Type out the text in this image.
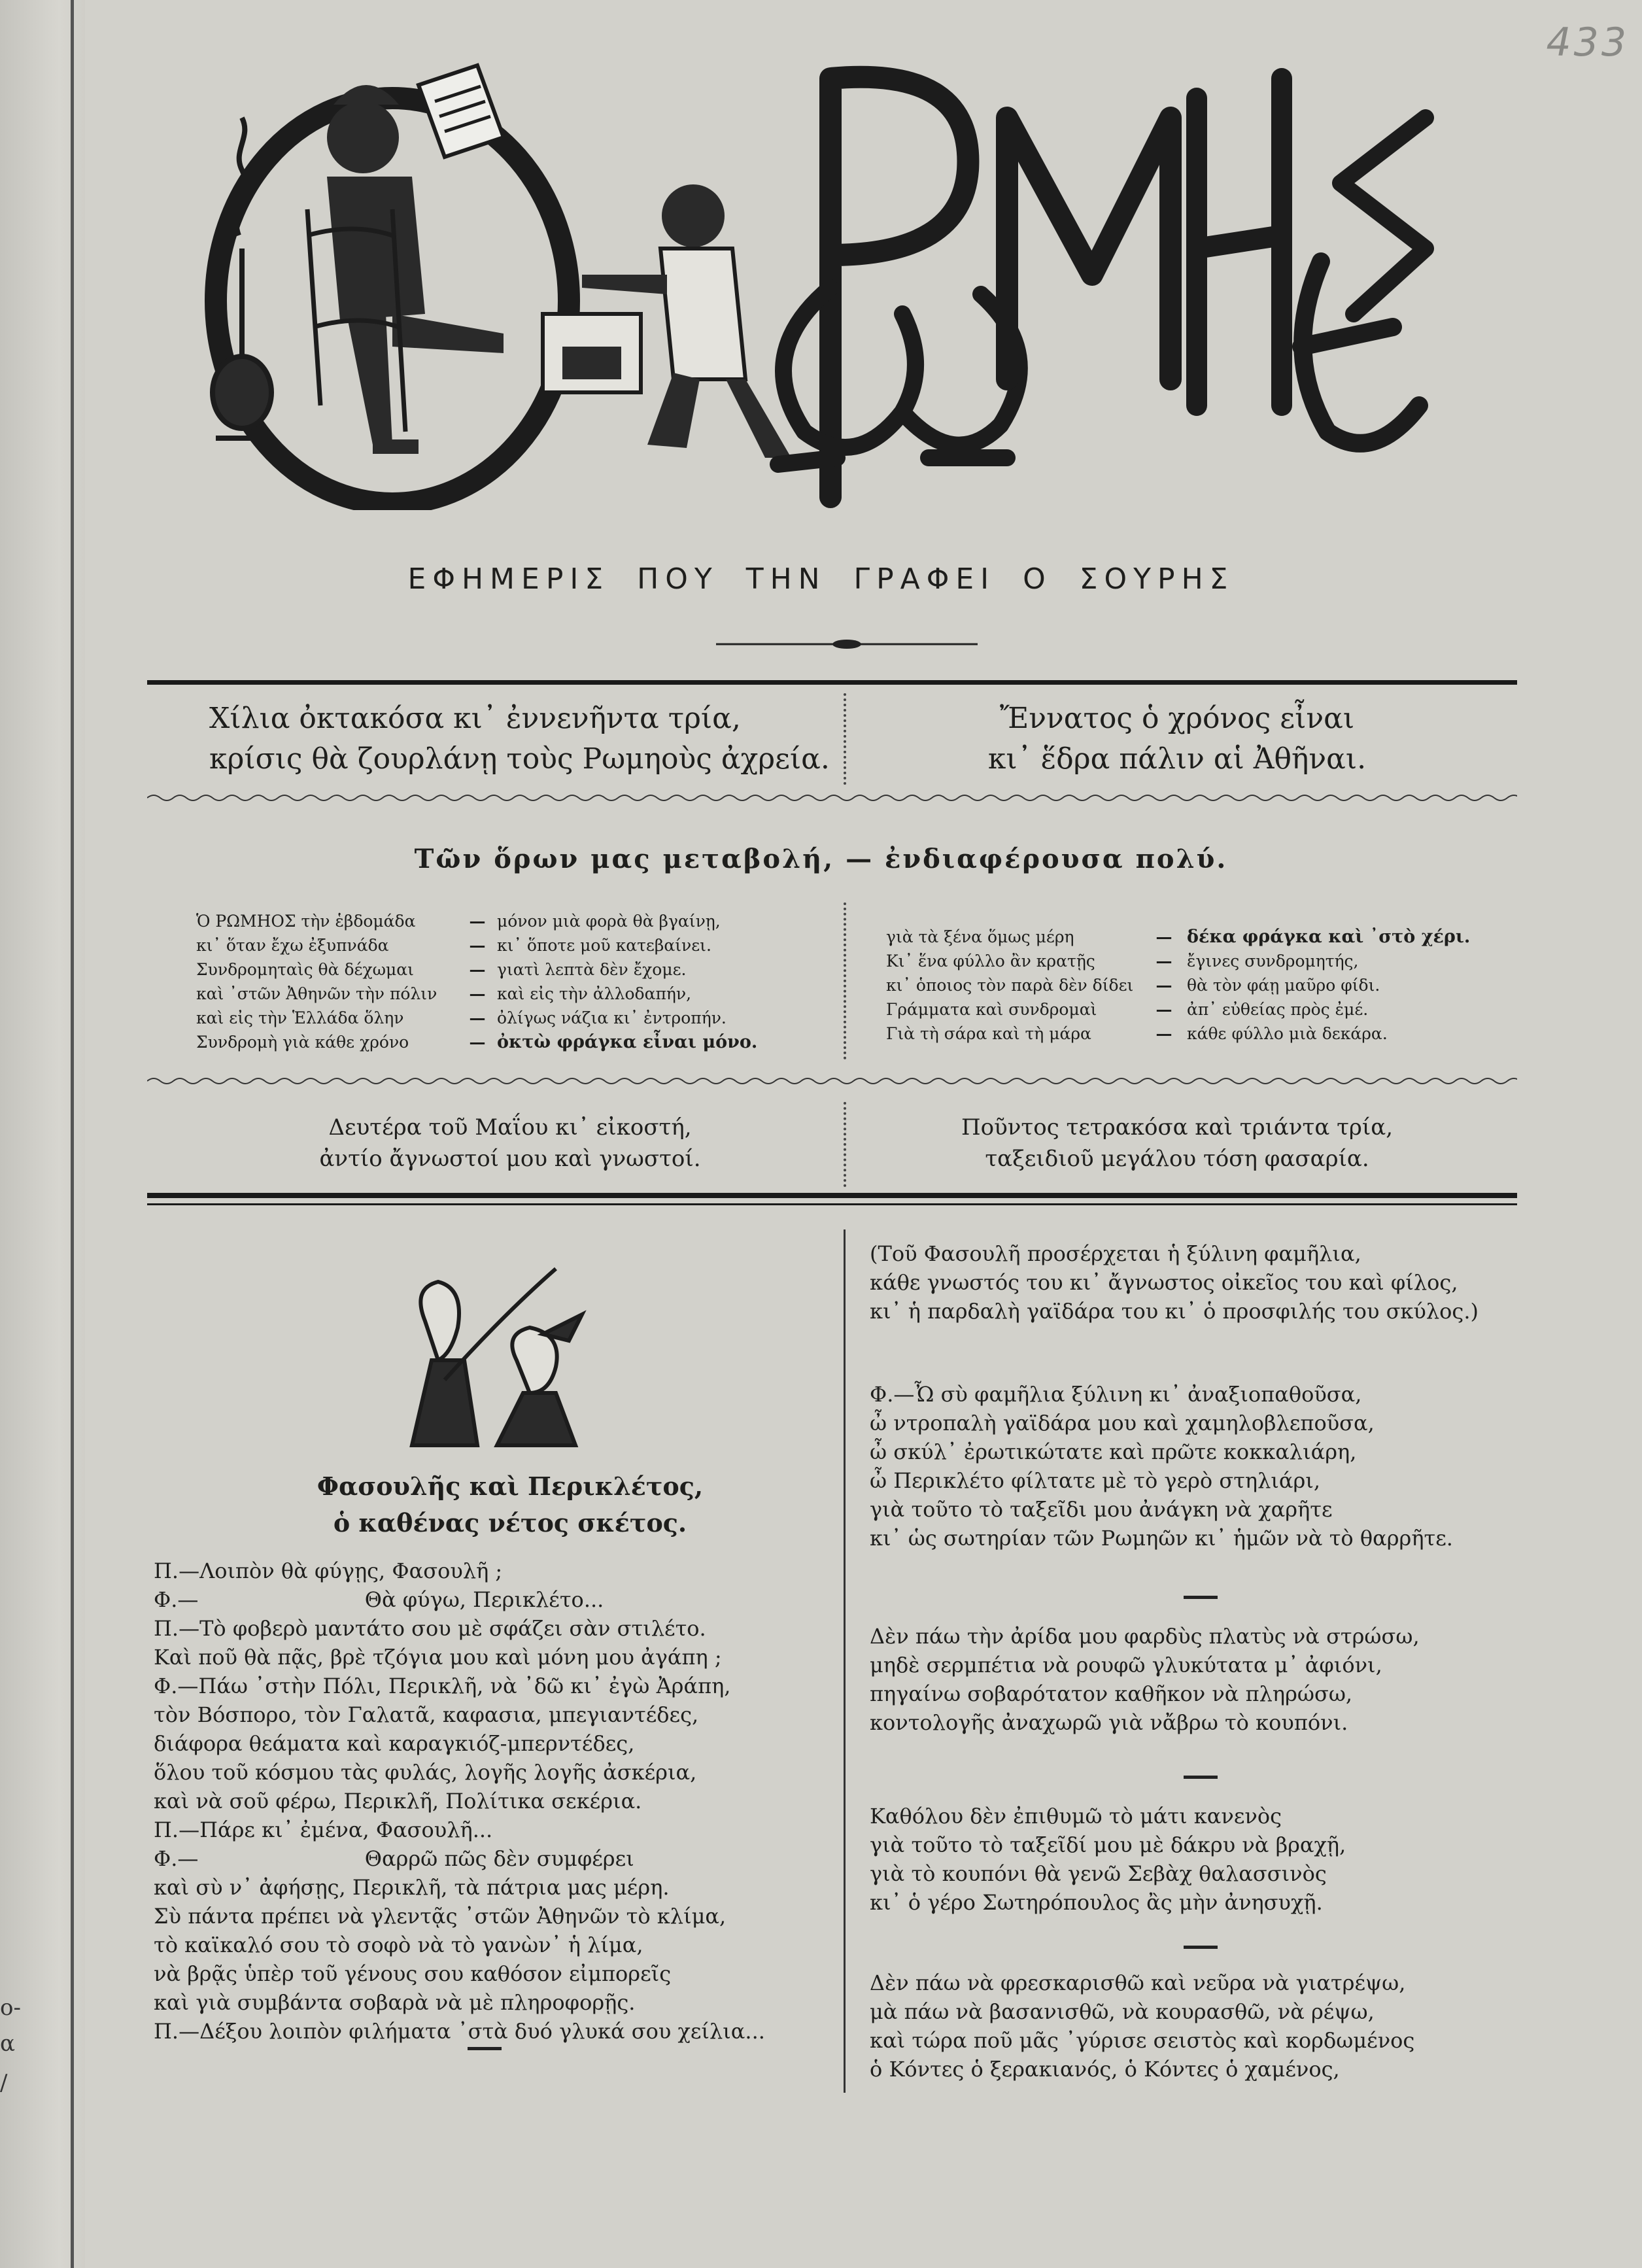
ο-
α
/
433
ΕΦΗΜΕΡΙΣ ΠΟΥ ΤΗΝ ΓΡΑΦΕΙ Ο ΣΟΥΡΗΣ
Χίλια ὀκτακόσα κι᾽ ἐννενῆντα τρία,
κρίσις θὰ ζουρλάνῃ τοὺς Ρωμηοὺς ἀχρεία.
Ἔννατος ὁ χρόνος εἶναι
κι᾽ ἕδρα πάλιν αἱ Ἀθῆναι.
Τῶν ὅρων μας μεταβολή, — ἐνδιαφέρουσα πολύ.
Ὁ ΡΩΜΗΟΣ τὴν ἑβδομάδα	— μόνον μιὰ φορὰ θὰ βγαίνῃ,
κι᾽ ὅταν ἔχω ἐξυπνάδα	— κι᾽ ὅποτε μοῦ κατεβαίνει.
Συνδρομηταὶς θὰ δέχωμαι	— γιατὶ λεπτὰ δὲν ἔχομε.
καὶ ᾽στῶν Ἀθηνῶν τὴν πόλιν	— καὶ εἰς τὴν ἀλλοδαπήν,
καὶ εἰς τὴν Ἑλλάδα ὅλην	— ὀλίγως νάζια κι᾽ ἐντροπήν.
Συνδρομὴ γιὰ κάθε χρόνο	— ὀκτὼ φράγκα εἶναι μόνο.
γιὰ τὰ ξένα ὅμως μέρη	— δέκα φράγκα καὶ ᾽στὸ χέρι.
Κι᾽ ἕνα φύλλο ἂν κρατῇς	— ἔγινες συνδρομητής,
κι᾽ ὁποιος τὸν παρὰ δὲν δίδει	— θὰ τὸν φάῃ μαῦρο φίδι.
Γράμματα καὶ συνδρομαὶ	— ἀπ᾽ εὐθείας πρὸς ἐμέ.
Γιὰ τὴ σάρα καὶ τὴ μάρα	— κάθε φύλλο μιὰ δεκάρα.
Δευτέρα τοῦ Μαΐου κι᾽ εἰκοστή,
ἀντίο ἄγνωστοί μου καὶ γνωστοί.
Ποῦντος τετρακόσα καὶ τριάντα τρία,
ταξειδιοῦ μεγάλου τόση φασαρία.
Φασουλῆς καὶ Περικλέτος,
ὁ καθένας νέτος σκέτος.
Π.—Λοιπὸν θὰ φύγῃς, Φασουλῆ ;
Φ.—                         Θὰ φύγω, Περικλέτο...
Π.—Τὸ φοβερὸ μαντάτο σου μὲ σφάζει σὰν στιλέτο.
Καὶ ποῦ θὰ πᾷς, βρὲ τζόγια μου καὶ μόνη μου ἀγάπη ;
Φ.—Πάω ᾽στὴν Πόλι, Περικλῆ, νὰ ᾽δῶ κι᾽ ἐγὼ Ἀράπη,
τὸν Βόσπορο, τὸν Γαλατᾶ, καφασια, μπεγιαντέδες,
διάφορα θεάματα καὶ καραγκιόζ-μπερντέδες,
ὅλου τοῦ κόσμου τὰς φυλάς, λογῆς λογῆς ἀσκέρια,
καὶ νὰ σοῦ φέρω, Περικλῆ, Πολίτικα σεκέρια.
Π.—Πάρε κι᾽ ἐμένα, Φασουλῆ...
Φ.—                         Θαρρῶ πῶς δὲν συμφέρει
καὶ σὺ ν᾽ ἀφήσῃς, Περικλῆ, τὰ πάτρια μας μέρη.
Σὺ πάντα πρέπει νὰ γλεντᾷς ᾽στῶν Ἀθηνῶν τὸ κλίμα,
τὸ καϊκαλό σου τὸ σοφὸ νὰ τὸ γανὼν᾽ ἡ λίμα,
νὰ βρᾷς ὑπὲρ τοῦ γένους σου καθόσον εἰμπορεῖς
καὶ γιὰ συμβάντα σοβαρὰ νὰ μὲ πληροφορῇς.
Π.—Δέξου λοιπὸν φιλήματα ᾽στὰ δυό γλυκά σου χείλια...
(Τοῦ Φασουλῆ προσέρχεται ἡ ξύλινη φαμῆλια,
κάθε γνωστός του κι᾽ ἄγνωστος οἰκεῖος του καὶ φίλος,
κι᾽ ἡ παρδαλὴ γαϊδάρα του κι᾽ ὁ προσφιλής του σκύλος.)
Φ.—Ὦ σὺ φαμῆλια ξύλινη κι᾽ ἀναξιοπαθοῦσα,
ὦ ντροπαλὴ γαϊδάρα μου καὶ χαμηλοβλεποῦσα,
ὦ σκύλ᾽ ἐρωτικώτατε καὶ πρῶτε κοκκαλιάρη,
ὦ Περικλέτο φίλτατε μὲ τὸ γερὸ στηλιάρι,
γιὰ τοῦτο τὸ ταξεῖδι μου ἀνάγκη νὰ χαρῆτε
κι᾽ ὡς σωτηρίαν τῶν Ρωμηῶν κι᾽ ἡμῶν νὰ τὸ θαρρῆτε.
Δὲν πάω τὴν ἀρίδα μου φαρδὺς πλατὺς νὰ στρώσω,
μηδὲ σερμπέτια νὰ ρουφῶ γλυκύτατα μ᾽ ἀφιόνι,
πηγαίνω σοβαρότατον καθῆκον νὰ πληρώσω,
κοντολογῆς ἀναχωρῶ γιὰ νἄβρω τὸ κουπόνι.
Καθόλου δὲν ἐπιθυμῶ τὸ μάτι κανενὸς
γιὰ τοῦτο τὸ ταξεῖδί μου μὲ δάκρυ νὰ βραχῇ,
γιὰ τὸ κουπόνι θὰ γενῶ Σεβὰχ θαλασσινὸς
κι᾽ ὁ γέρο Σωτηρόπουλος ἂς μὴν ἀνησυχῇ.
Δὲν πάω νὰ φρεσκαρισθῶ καὶ νεῦρα νὰ γιατρέψω,
μὰ πάω νὰ βασανισθῶ, νὰ κουρασθῶ, νὰ ρέψω,
καὶ τώρα ποῦ μᾶς ᾽γύρισε σειστὸς καὶ κορδωμένος
ὁ Κόντες ὁ ξερακιανός, ὁ Κόντες ὁ χαμένος,
